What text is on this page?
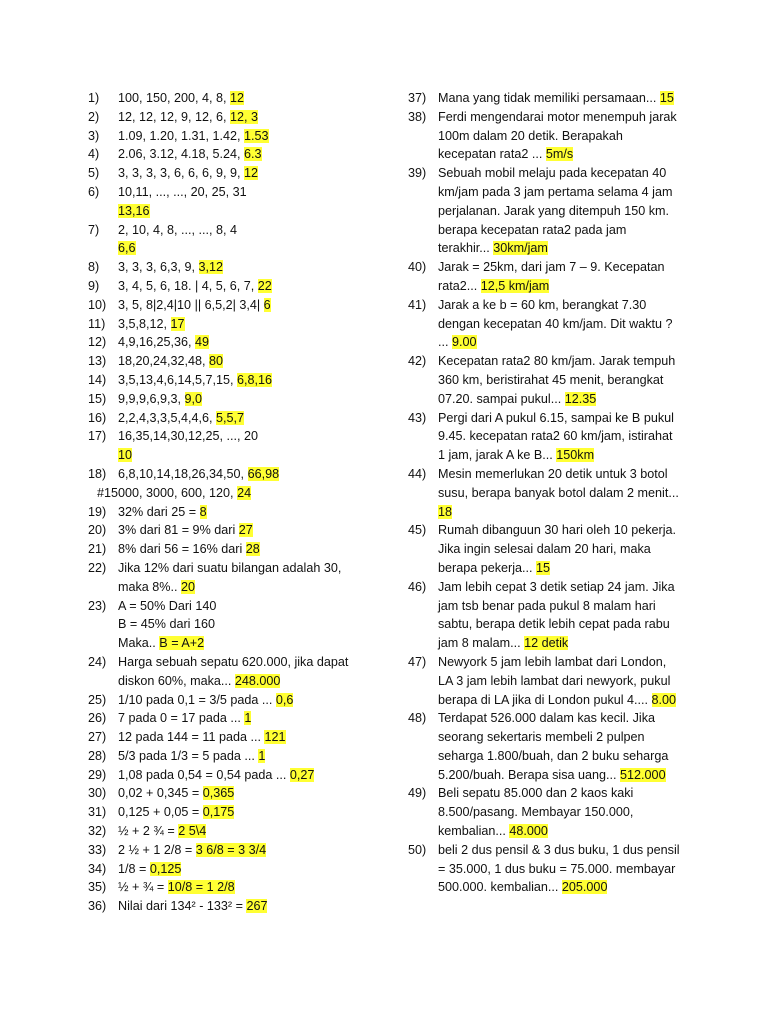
1)	100, 150, 200, 4, 8, 12
2)	12, 12, 12, 9, 12, 6, 12, 3
3)	1.09, 1.20, 1.31, 1.42, 1.53
4)	2.06, 3.12, 4.18, 5.24, 6.3
5)	3, 3, 3, 3, 6, 6, 6, 9, 9, 12
6)	10,11, ..., ..., 20, 25, 31
13,16
7)	2, 10, 4, 8, ..., ..., 8, 4
6,6
8)	3, 3, 3, 6,3, 9, 3,12
9)	3, 4, 5, 6, 18. | 4, 5, 6, 7, 22
10) 3, 5, 8|2,4|10 || 6,5,2| 3,4| 6
11)	3,5,8,12, 17
12) 4,9,16,25,36, 49
13) 18,20,24,32,48, 80
14) 3,5,13,4,6,14,5,7,15, 6,8,16
15) 9,9,9,6,9,3, 9,0
16) 2,2,4,3,3,5,4,4,6, 5,5,7
17) 16,35,14,30,12,25, ..., 20
10
18) 6,8,10,14,18,26,34,50, 66,98
#15000, 3000, 600, 120, 24
19) 32% dari 25 = 8
20) 3% dari 81 = 9% dari 27
21) 8% dari 56 = 16% dari 28
22) Jika 12% dari suatu bilangan adalah 30,
maka 8%.. 20
23) A = 50% Dari 140
B = 45% dari 160
Maka.. B = A+2
24) Harga sebuah sepatu 620.000, jika dapat
diskon 60%, maka... 248.000
25) 1/10 pada 0,1 = 3/5 pada ... 0,6
26) 7 pada 0 = 17 pada ... 1
27) 12 pada 144 = 11 pada ... 121
28) 5/3 pada 1/3 = 5 pada ... 1
29) 1,08 pada 0,54 = 0,54 pada ... 0,27
30) 0,02 + 0,345 = 0,365
31) 0,125 + 0,05 = 0,175
32) ½ + 2 ¾ = 2 5\4
33) 2 ½ + 1 2/8 = 3 6/8 = 3 3/4
34) 1/8 = 0,125
35) ½ + ¾ = 10/8 = 1 2/8
36) Nilai dari 134² - 133² = 267
37) Mana yang tidak memiliki persamaan... 15
38) Ferdi mengendarai motor menempuh jarak
100m dalam 20 detik. Berapakah
kecepatan rata2 ... 5m/s
39) Sebuah mobil melaju pada kecepatan 40
km/jam pada 3 jam pertama selama 4 jam
perjalanan. Jarak yang ditempuh 150 km.
berapa kecepatan rata2 pada jam
terakhir... 30km/jam
40) Jarak = 25km, dari jam 7 – 9. Kecepatan
rata2... 12,5 km/jam
41) Jarak a ke b = 60 km, berangkat 7.30
dengan kecepatan 40 km/jam. Dit waktu ?
... 9.00
42) Kecepatan rata2 80 km/jam. Jarak tempuh
360 km, beristirahat 45 menit, berangkat
07.20. sampai pukul... 12.35
43) Pergi dari A pukul 6.15, sampai ke B pukul
9.45. kecepatan rata2 60 km/jam, istirahat
1 jam, jarak A ke B... 150km
44) Mesin memerlukan 20 detik untuk 3 botol
susu, berapa banyak botol dalam 2 menit...
18
45) Rumah dibanguun 30 hari oleh 10 pekerja.
Jika ingin selesai dalam 20 hari, maka
berapa pekerja... 15
46) Jam lebih cepat 3 detik setiap 24 jam. Jika
jam tsb benar pada pukul 8 malam hari
sabtu, berapa detik lebih cepat pada rabu
jam 8 malam... 12 detik
47) Newyork 5 jam lebih lambat dari London,
LA 3 jam lebih lambat dari newyork, pukul
berapa di LA jika di London pukul 4.... 8.00
48) Terdapat 526.000 dalam kas kecil. Jika
seorang sekertaris membeli 2 pulpen
seharga 1.800/buah, dan 2 buku seharga
5.200/buah. Berapa sisa uang... 512.000
49) Beli sepatu 85.000 dan 2 kaos kaki
8.500/pasang. Membayar 150.000,
kembalian... 48.000
50) beli 2 dus pensil & 3 dus buku, 1 dus pensil
= 35.000, 1 dus buku = 75.000. membayar
500.000. kembalian... 205.000
